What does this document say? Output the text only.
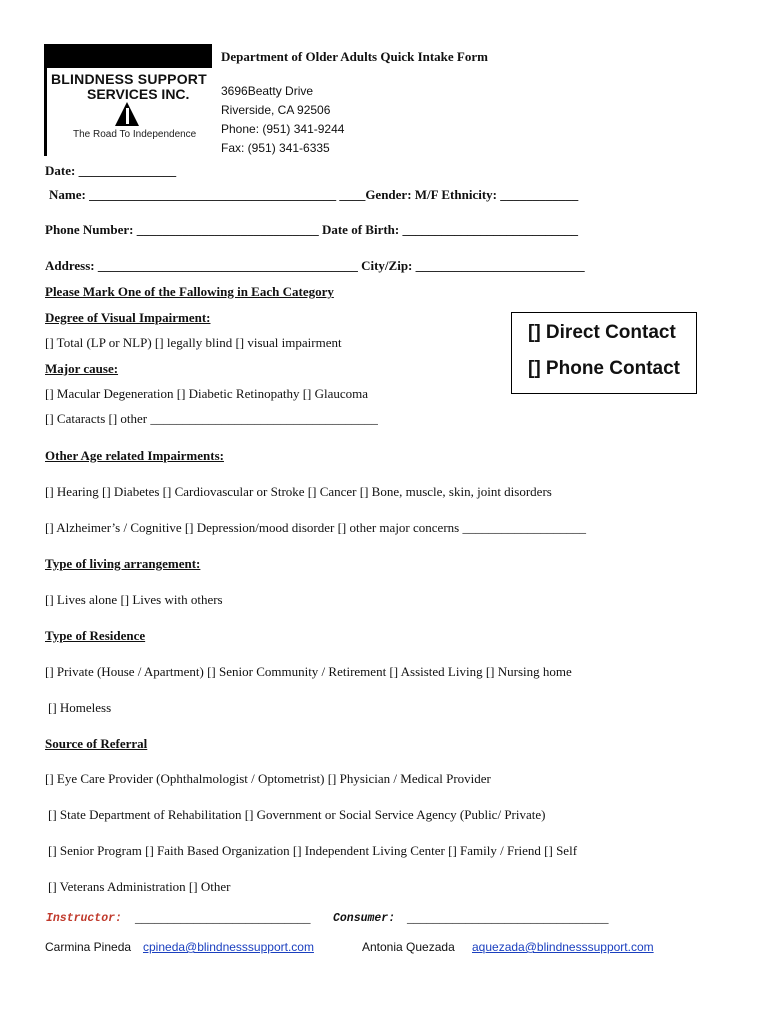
BLINDNESS SUPPORT
SERVICES INC.
The Road To Independence
Department of Older Adults Quick Intake Form
3696Beatty Drive
Riverside, CA 92506
Phone: (951) 341-9244
Fax: (951) 341-6335
Date: _______________
Name: ______________________________________ ____Gender: M/F Ethnicity: ____________
Phone Number: ____________________________ Date of Birth: ___________________________
Address: ________________________________________ City/Zip: __________________________
Please Mark One of the Fallowing in Each Category
[] Direct Contact
[] Phone Contact
Degree of Visual Impairment:
[] Total (LP or NLP) [] legally blind [] visual impairment
Major cause:
[] Macular Degeneration [] Diabetic Retinopathy [] Glaucoma
[] Cataracts [] other ___________________________________
Other Age related Impairments:
[] Hearing [] Diabetes [] Cardiovascular or Stroke [] Cancer [] Bone, muscle, skin, joint disorders
[] Alzheimer’s / Cognitive [] Depression/mood disorder [] other major concerns ___________________
Type of living arrangement:
[] Lives alone [] Lives with others
Type of Residence
[] Private (House / Apartment) [] Senior Community / Retirement [] Assisted Living [] Nursing home
[] Homeless
Source of Referral
[] Eye Care Provider (Ophthalmologist / Optometrist) [] Physician / Medical Provider
[] State Department of Rehabilitation [] Government or Social Service Agency (Public/ Private)
[] Senior Program [] Faith Based Organization [] Independent Living Center [] Family / Friend [] Self
[] Veterans Administration [] Other
Instructor: ___________________________ Consumer: _______________________________
Carmina Pineda cpineda@blindnesssupport.com	Antonia Quezada aquezada@blindnesssupport.com
